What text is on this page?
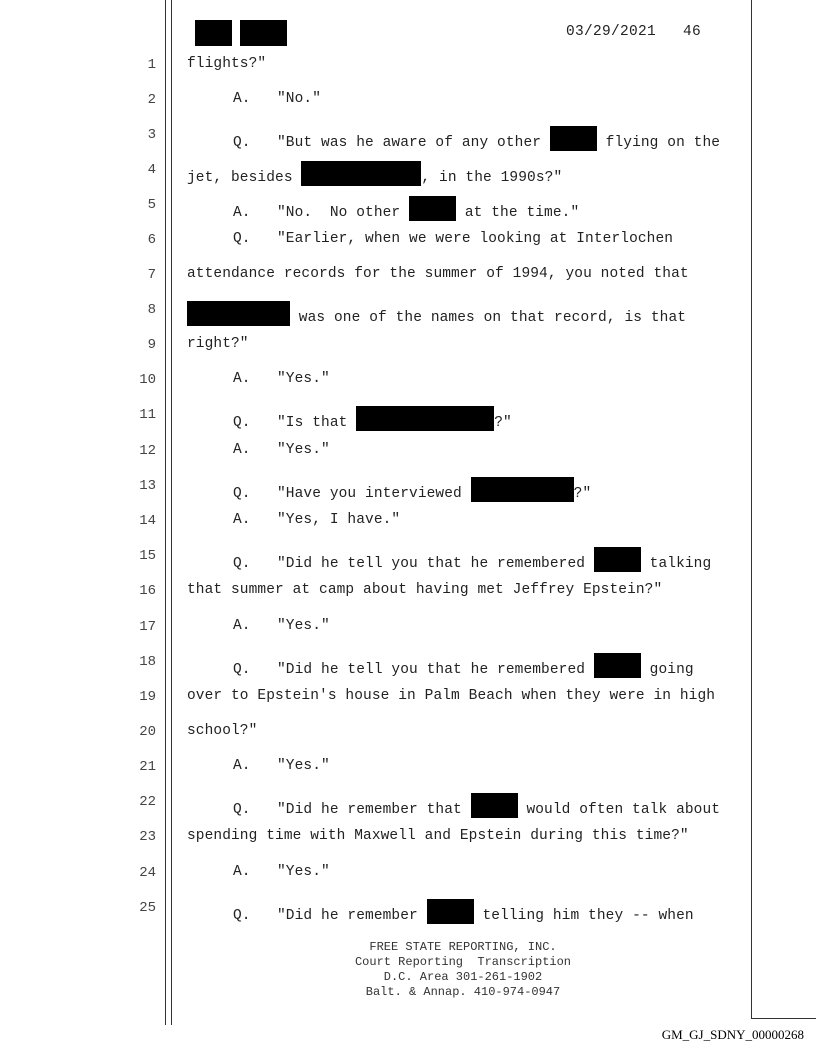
03/29/2021 46
1
2
3
4
5
6
7
8
9
10
11
12
13
14
15
16
17
18
19
20
21
22
23
24
25
flights?"
A.   "No."
Q.   "But was he aware of any other	flying on the
jet, besides	, in the 1990s?"
A.   "No.  No other	at the time."
Q.   "Earlier, when we were looking at Interlochen
attendance records for the summer of 1994, you noted that
was one of the names on that record, is that
right?"
A.   "Yes."
Q.   "Is that	?"
A.   "Yes."
Q.   "Have you interviewed	?"
A.   "Yes, I have."
Q.   "Did he tell you that he remembered	talking
that summer at camp about having met Jeffrey Epstein?"
A.   "Yes."
Q.   "Did he tell you that he remembered	going
over to Epstein's house in Palm Beach when they were in high
school?"
A.   "Yes."
Q.   "Did he remember that	would often talk about
spending time with Maxwell and Epstein during this time?"
A.   "Yes."
Q.   "Did he remember	telling him they -- when
FREE STATE REPORTING, INC.
Court Reporting  Transcription
D.C. Area 301-261-1902
Balt. & Annap. 410-974-0947
GM_GJ_SDNY_00000268
